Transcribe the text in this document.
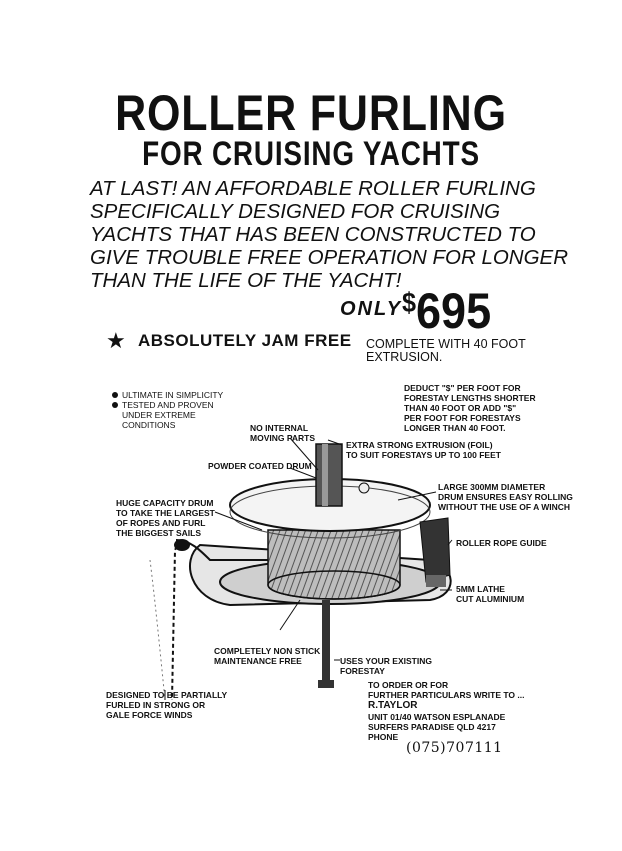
ROLLER FURLING
FOR CRUISING YACHTS
AT LAST! AN AFFORDABLE ROLLER FURLING
SPECIFICALLY DESIGNED FOR CRUISING
YACHTS THAT HAS BEEN CONSTRUCTED TO
GIVE TROUBLE FREE OPERATION FOR LONGER
THAN THE LIFE OF THE YACHT!
ONLY $695
★ ABSOLUTELY JAM FREE COMPLETE WITH 40 FOOT
EXTRUSION.
ULTIMATE IN SIMPLICITY
TESTED AND PROVEN
UNDER EXTREME
CONDITIONS
DEDUCT "$" PER FOOT FOR
FORESTAY LENGTHS SHORTER
THAN 40 FOOT OR ADD "$"
PER FOOT FOR FORESTAYS
LONGER THAN 40 FOOT.
NO INTERNAL
MOVING PARTS
EXTRA STRONG EXTRUSION (FOIL)
TO SUIT FORESTAYS UP TO 100 FEET
POWDER COATED DRUM
LARGE 300MM DIAMETER
DRUM ENSURES EASY ROLLING
WITHOUT THE USE OF A WINCH
HUGE CAPACITY DRUM
TO TAKE THE LARGEST
OF ROPES AND FURL
THE BIGGEST SAILS
ROLLER ROPE GUIDE
5MM LATHE
CUT ALUMINIUM
COMPLETELY NON STICK
MAINTENANCE FREE	USES YOUR EXISTING
FORESTAY
DESIGNED TO BE PARTIALLY
FURLED IN STRONG OR
GALE FORCE WINDS
TO ORDER OR FOR
FURTHER PARTICULARS WRITE TO ...
R.TAYLOR
UNIT 01/40 WATSON ESPLANADE
SURFERS PARADISE QLD 4217
PHONE
(075)707111
